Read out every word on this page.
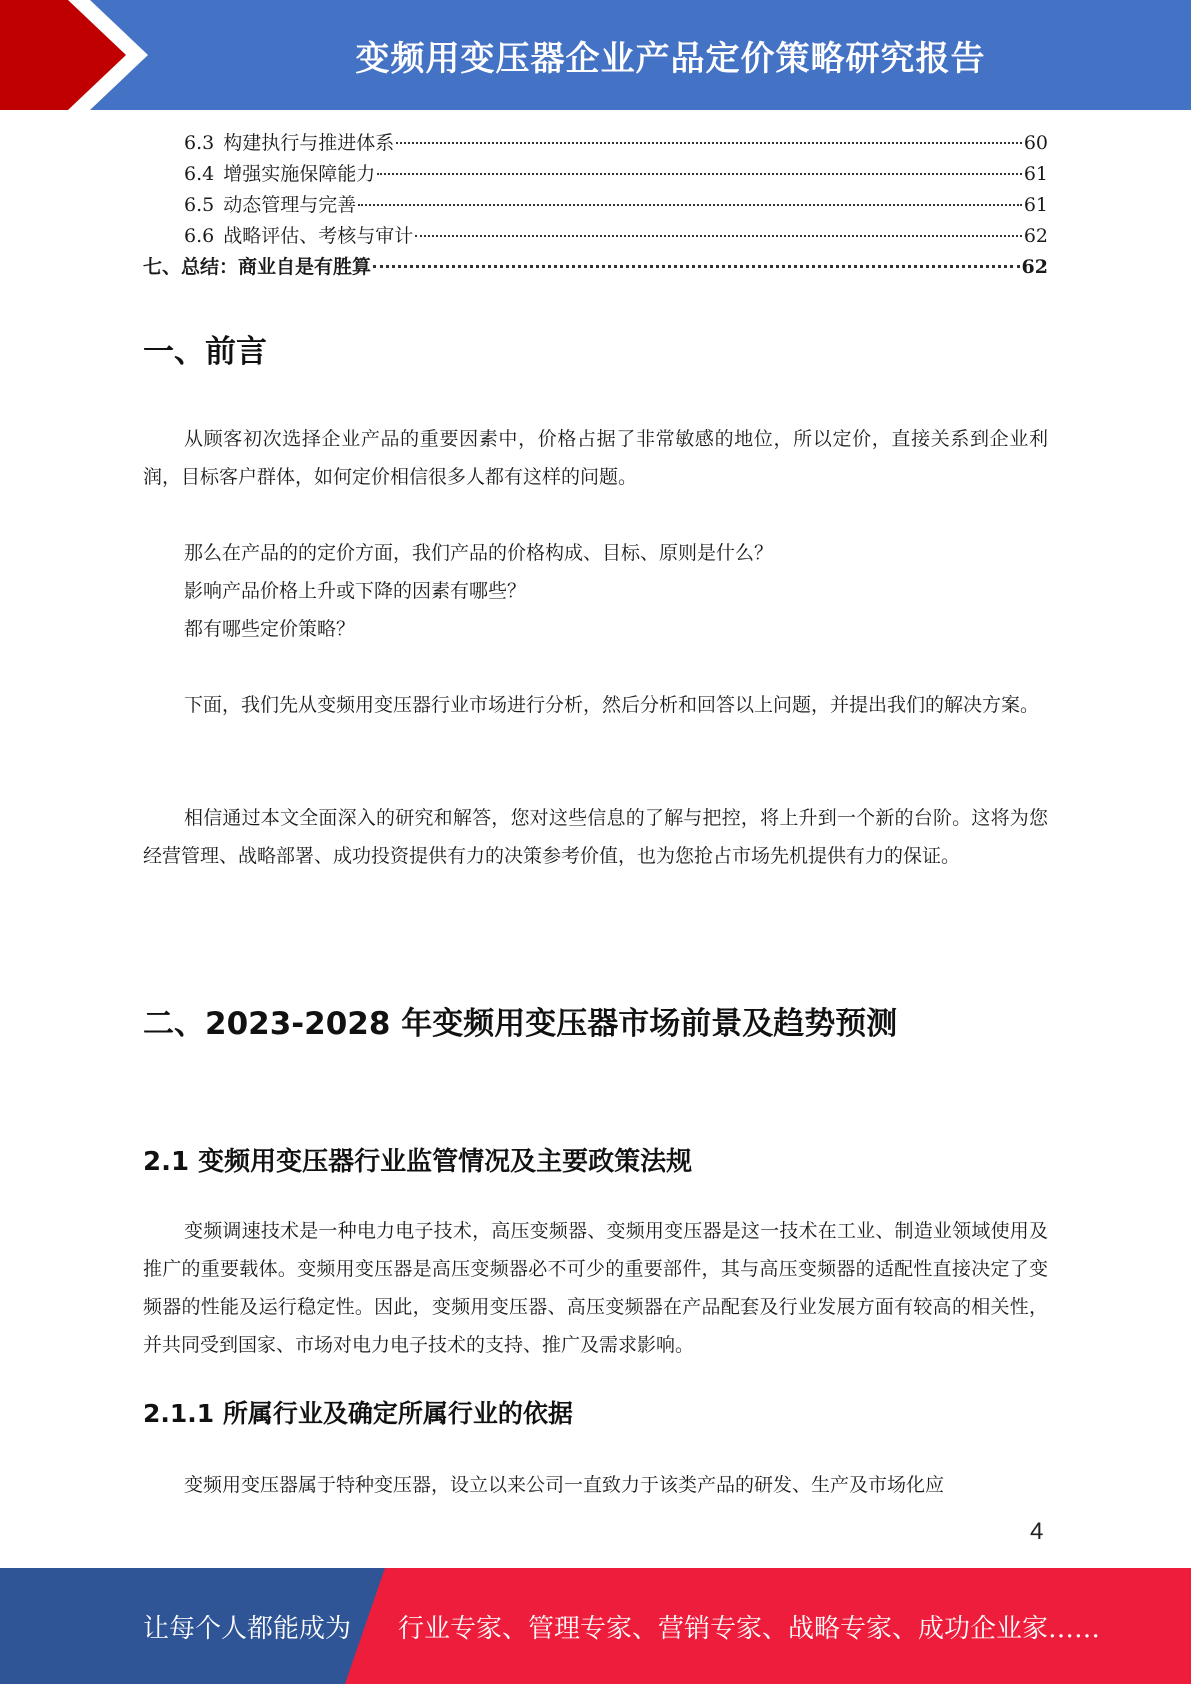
变频用变压器企业产品定价策略研究报告
6.3 构建执行与推进体系	60
6.4 增强实施保障能力	61
6.5 动态管理与完善	61
6.6 战略评估、考核与审计	62
七、总结：商业自是有胜算	62
一、前言

从顾客初次选择企业产品的重要因素中，价格占据了非常敏感的地位，所以定价，直接关系到企业利润，目标客户群体，如何定价相信很多人都有这样的问题。

那么在产品的的定价方面，我们产品的价格构成、目标、原则是什么？
影响产品价格上升或下降的因素有哪些？
都有哪些定价策略？

下面，我们先从变频用变压器行业市场进行分析，然后分析和回答以上问题，并提出我们的解决方案。

相信通过本文全面深入的研究和解答，您对这些信息的了解与把控，将上升到一个新的台阶。这将为您经营管理、战略部署、成功投资提供有力的决策参考价值，也为您抢占市场先机提供有力的保证。

二、2023-2028 年变频用变压器市场前景及趋势预测
2.1 变频用变压器行业监管情况及主要政策法规

变频调速技术是一种电力电子技术，高压变频器、变频用变压器是这一技术在工业、制造业领域使用及推广的重要载体。变频用变压器是高压变频器必不可少的重要部件，其与高压变频器的适配性直接决定了变频器的性能及运行稳定性。因此，变频用变压器、高压变频器在产品配套及行业发展方面有较高的相关性，并共同受到国家、市场对电力电子技术的支持、推广及需求影响。

2.1.1 所属行业及确定所属行业的依据

变频用变压器属于特种变压器，设立以来公司一直致力于该类产品的研发、生产及市场化应

4
让每个人都能成为 行业专家、管理专家、营销专家、战略专家、成功企业家……
